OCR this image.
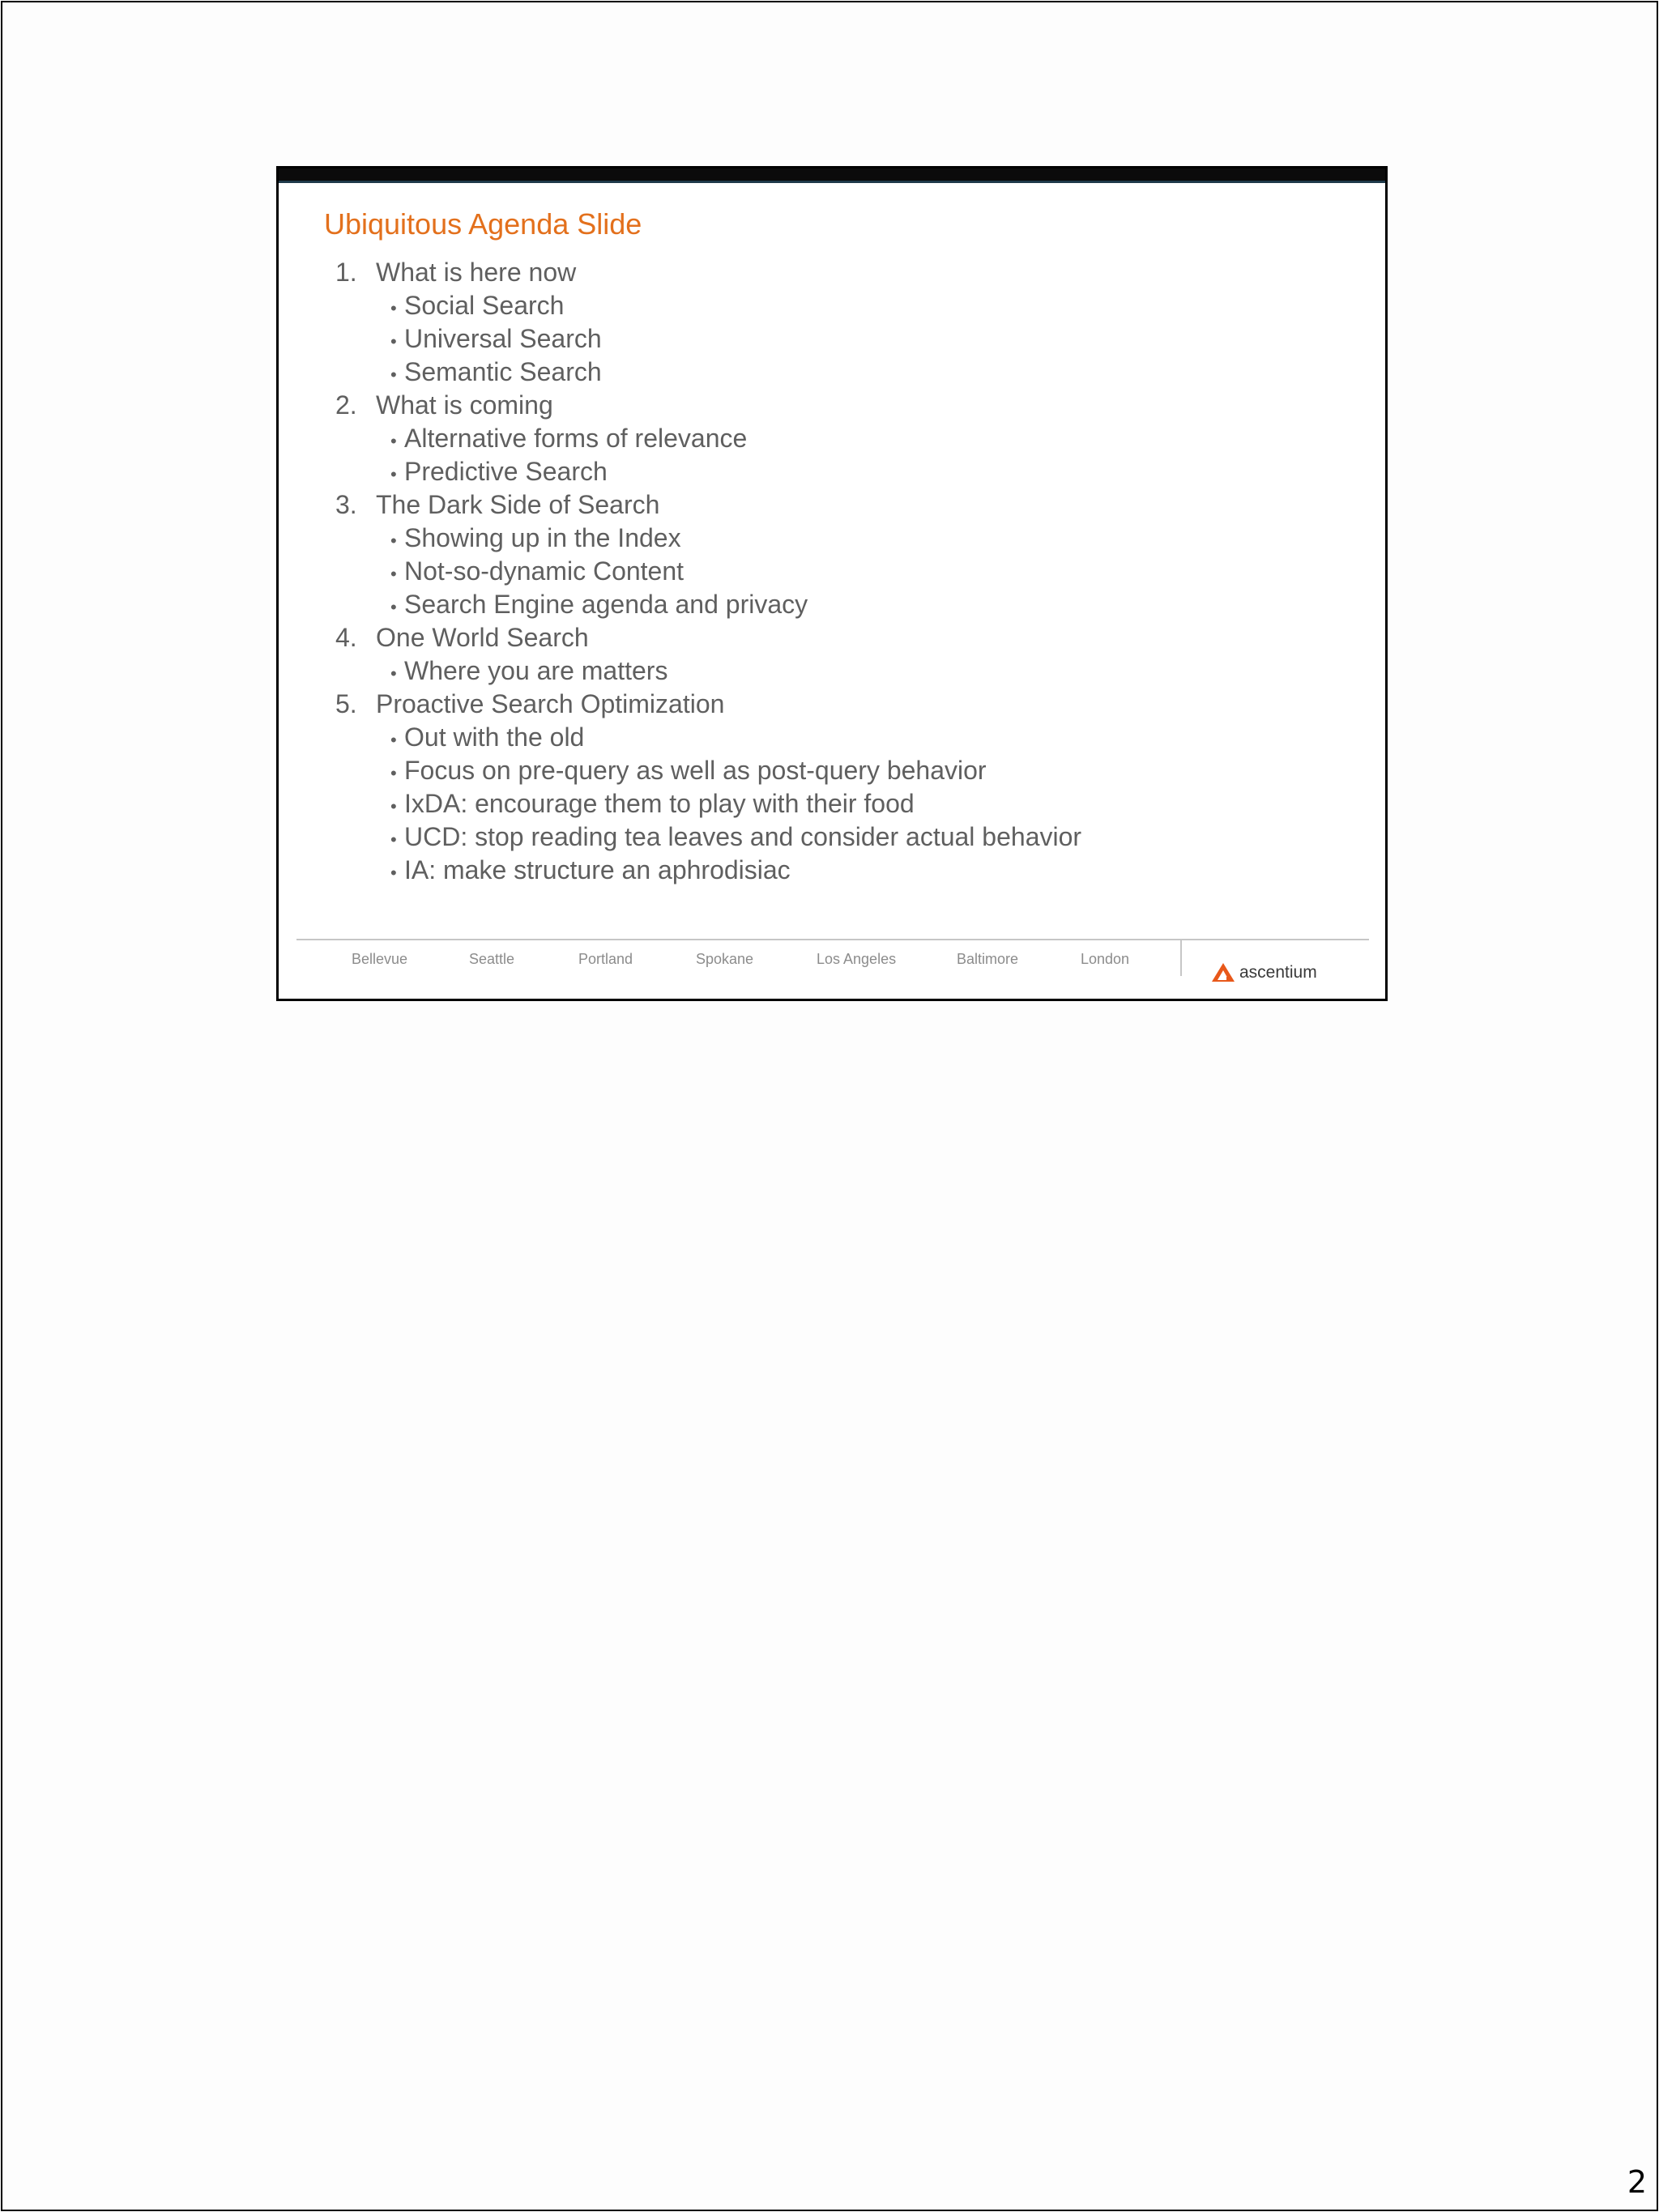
Ubiquitous Agenda Slide
1. What is here now
• Social Search
• Universal Search
• Semantic Search
2. What is coming
• Alternative forms of relevance
• Predictive Search
3. The Dark Side of Search
• Showing up in the Index
• Not-so-dynamic Content
• Search Engine agenda and privacy
4. One World Search
• Where you are matters
5. Proactive Search Optimization
• Out with the old
• Focus on pre-query as well as post-query behavior
• IxDA: encourage them to play with their food
• UCD: stop reading tea leaves and consider actual behavior
• IA: make structure an aphrodisiac
Bellevue	Seattle	Portland	Spokane	Los Angeles	Baltimore	London
ascentium
2
